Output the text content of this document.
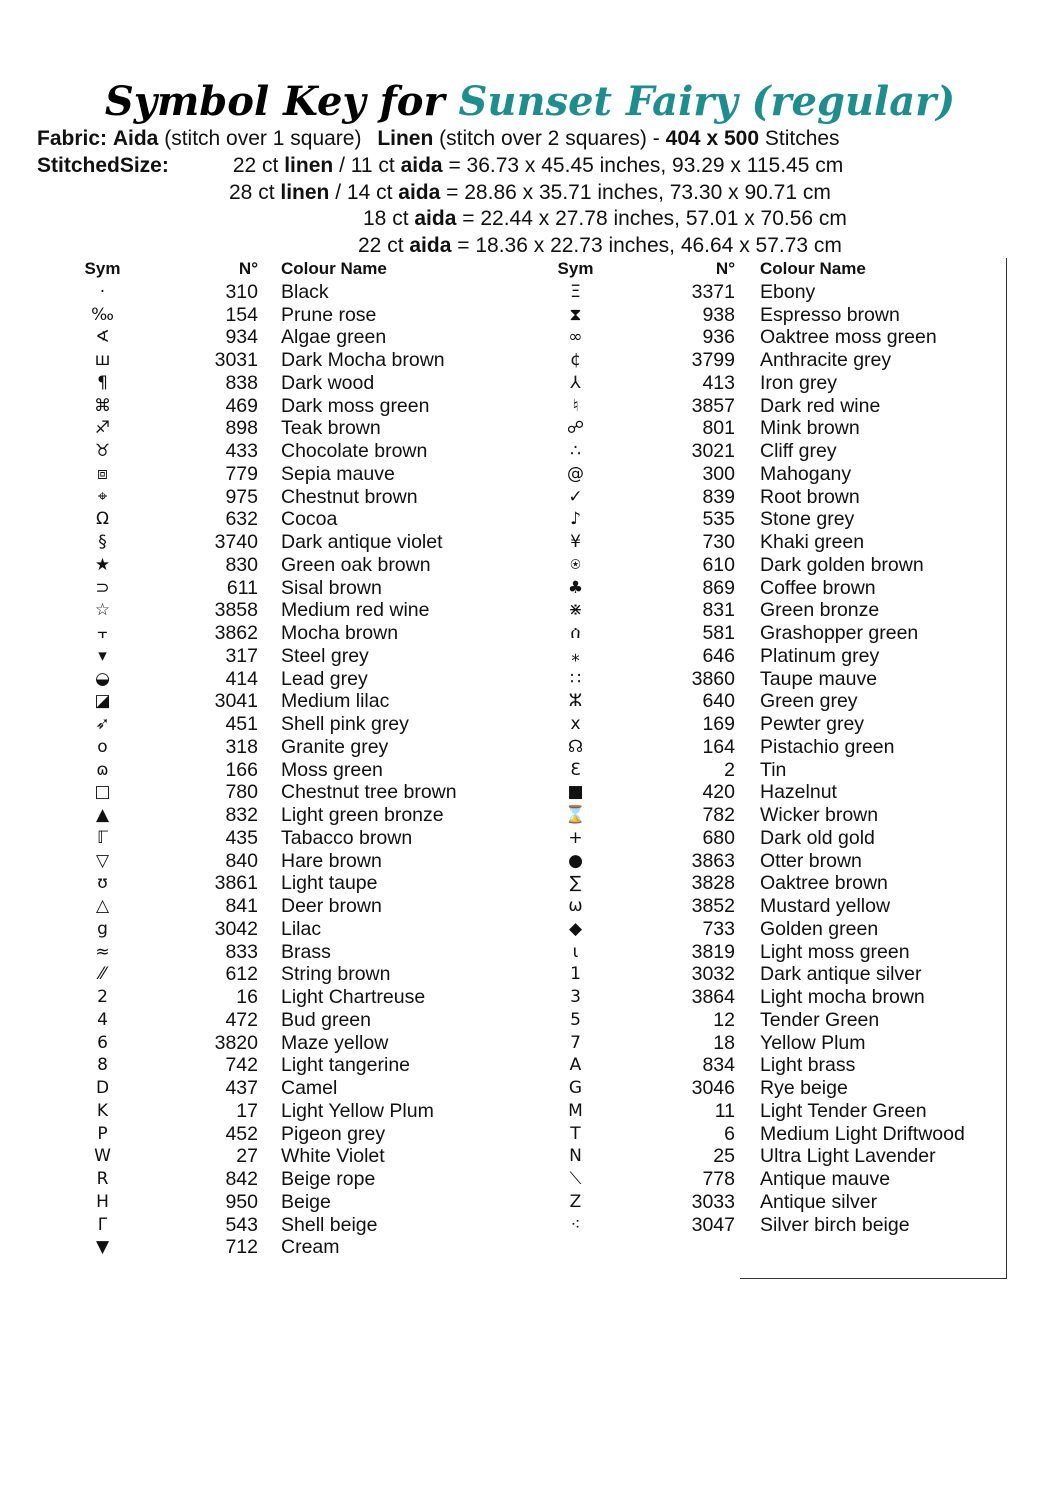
Symbol Key for Sunset Fairy (regular)
Fabric: Aida (stitch over 1 square) Linen (stitch over 2 squares) - 404 x 500 Stitches
StitchedSize:	22 ct linen / 11 ct aida = 36.73 x 45.45 inches, 93.29 x 115.45 cm
28 ct linen / 14 ct aida = 28.86 x 35.71 inches, 73.30 x 90.71 cm
18 ct aida = 22.44 x 27.78 inches, 57.01 x 70.56 cm
22 ct aida = 18.36 x 22.73 inches, 46.64 x 57.73 cm
Sym	N° Colour Name
·	310 Black
‰	154 Prune rose
∢	934 Algae green
ш	3031 Dark Mocha brown
¶	838 Dark wood
⌘	469 Dark moss green
♐	898 Teak brown
♉	433 Chocolate brown
⧈	779 Sepia mauve
⌖	975 Chestnut brown
Ω	632 Cocoa
§	3740 Dark antique violet
★	830 Green oak brown
⊃	611 Sisal brown
☆	3858 Medium red wine
⫟	3862 Mocha brown
▾	317 Steel grey
◒	414 Lead grey
◪	3041 Medium lilac
➶	451 Shell pink grey
o	318 Granite grey
ɷ	166 Moss green
□	780 Chestnut tree brown
▲	832 Light green bronze
ℾ	435 Tabacco brown
▽	840 Hare brown
ʊ	3861 Light taupe
△	841 Deer brown
g	3042 Lilac
≈	833 Brass
⁄⁄	612 String brown
2	16 Light Chartreuse
4	472 Bud green
6	3820 Maze yellow
8	742 Light tangerine
D	437 Camel
K	17 Light Yellow Plum
P	452 Pigeon grey
W	27 White Violet
R	842 Beige rope
H	950 Beige
Γ	543 Shell beige
▼	712 Cream
Sym	N° Colour Name
Ξ	3371 Ebony
⧗	938 Espresso brown
∞	936 Oaktree moss green
¢	3799 Anthracite grey
⅄	413 Iron grey
♮	3857 Dark red wine
☍	801 Mink brown
∴	3021 Cliff grey
@	300 Mahogany
✓	839 Root brown
♪	535 Stone grey
¥	730 Khaki green
⍟	610 Dark golden brown
♣	869 Coffee brown
⋇	831 Green bronze
ሰ	581 Grashopper green
⁎	646 Platinum grey
∷	3860 Taupe mauve
ⵣ	640 Green grey
x	169 Pewter grey
☊	164 Pistachio green
Ɛ	2 Tin
■	420 Hazelnut
⌛	782 Wicker brown
+	680 Dark old gold
●	3863 Otter brown
∑	3828 Oaktree brown
ω	3852 Mustard yellow
◆	733 Golden green
ɩ	3819 Light moss green
1	3032 Dark antique silver
3	3864 Light mocha brown
5	12 Tender Green
7	18 Yellow Plum
A	834 Light brass
G	3046 Rye beige
M	11 Light Tender Green
T	6 Medium Light Driftwood
N	25 Ultra Light Lavender
⟍	778 Antique mauve
Z	3033 Antique silver
⁖	3047 Silver birch beige
